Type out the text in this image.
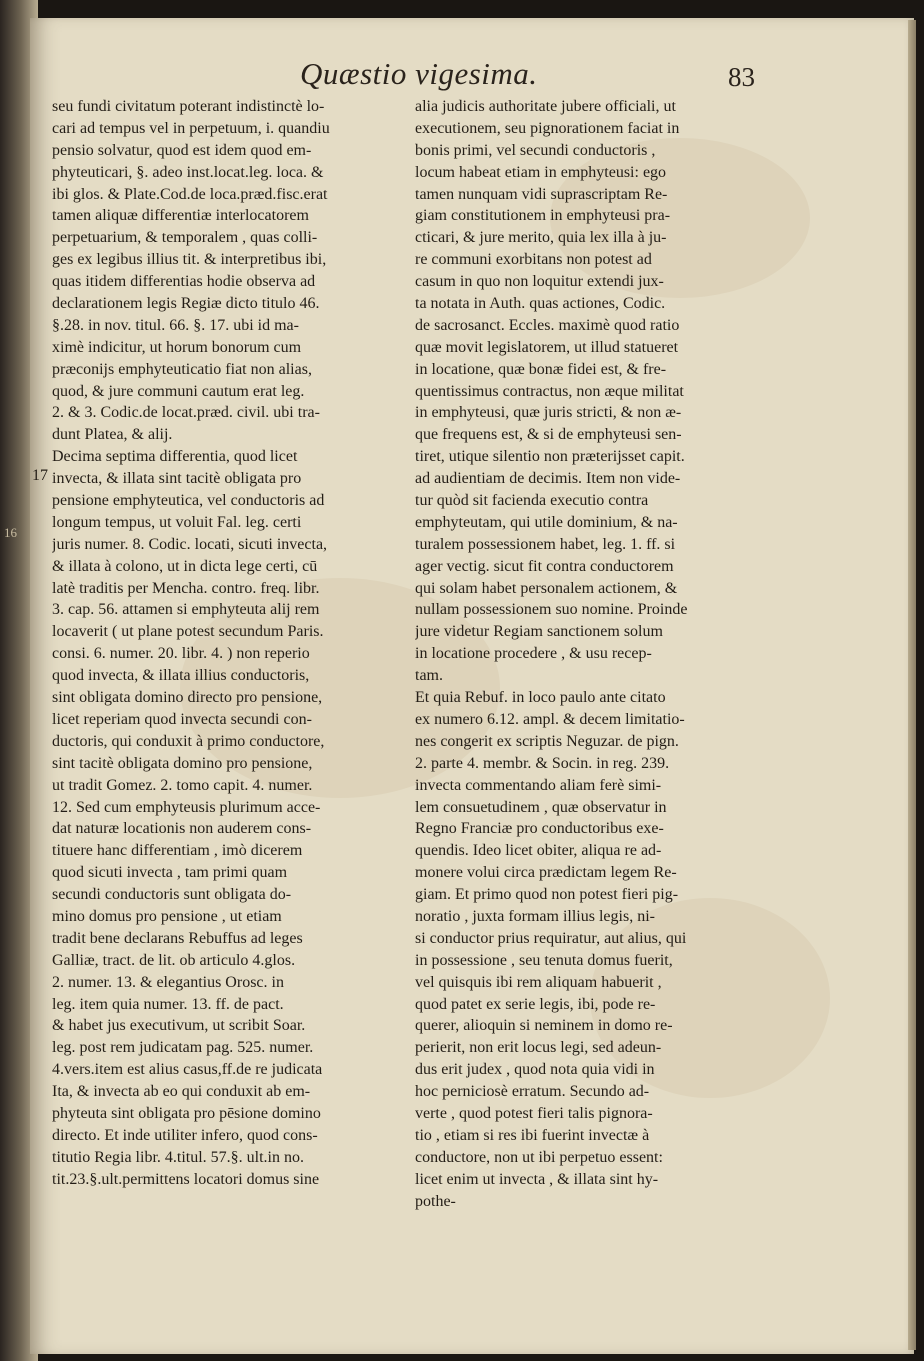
Quæstio vigesima.	83
17
16
seu fundi civitatum poterant indistinctè lo-
cari ad tempus vel in perpetuum, i. quandiu
pensio solvatur, quod est idem quod em-
phyteuticari, §. adeo inst.locat.leg. loca. &
ibi glos. & Plate.Cod.de loca.præd.fisc.erat
tamen aliquæ differentiæ interlocatorem
perpetuarium, & temporalem , quas colli-
ges ex legibus illius tit. & interpretibus ibi,
quas itidem differentias hodie observa ad
declarationem legis Regiæ dicto titulo 46.
§.28. in nov. titul. 66. §. 17. ubi id ma-
ximè indicitur, ut horum bonorum cum
præconijs emphyteuticatio fiat non alias,
quod, & jure communi cautum erat leg.
2. & 3. Codic.de locat.præd. civil. ubi tra-
dunt Platea, & alij.
Decima septima differentia, quod licet
invecta, & illata sint tacitè obligata pro
pensione emphyteutica, vel conductoris ad
longum tempus, ut voluit Fal. leg. certi
juris numer. 8. Codic. locati, sicuti invecta,
& illata à colono, ut in dicta lege certi, cū
latè traditis per Mencha. contro. freq. libr.
3. cap. 56. attamen si emphyteuta alij rem
locaverit ( ut plane potest secundum Paris.
consi. 6. numer. 20. libr. 4. ) non reperio
quod invecta, & illata illius conductoris,
sint obligata domino directo pro pensione,
licet reperiam quod invecta secundi con-
ductoris, qui conduxit à primo conductore,
sint tacitè obligata domino pro pensione,
ut tradit Gomez. 2. tomo capit. 4. numer.
12. Sed cum emphyteusis plurimum acce-
dat naturæ locationis non auderem cons-
tituere hanc differentiam , imò dicerem
quod sicuti invecta , tam primi quam
secundi conductoris sunt obligata do-
mino domus pro pensione , ut etiam
tradit bene declarans Rebuffus ad leges
Galliæ, tract. de lit. ob articulo 4.glos.
2. numer. 13. & elegantius Orosc. in
leg. item quia numer. 13. ff. de pact.
& habet jus executivum, ut scribit Soar.
leg. post rem judicatam pag. 525. numer.
4.vers.item est alius casus,ff.de re judicata
Ita, & invecta ab eo qui conduxit ab em-
phyteuta sint obligata pro pēsione domino
directo. Et inde utiliter infero, quod cons-
titutio Regia libr. 4.titul. 57.§. ult.in no.
tit.23.§.ult.permittens locatori domus sine
alia judicis authoritate jubere officiali, ut
executionem, seu pignorationem faciat in
bonis primi, vel secundi conductoris ,
locum habeat etiam in emphyteusi: ego
tamen nunquam vidi suprascriptam Re-
giam constitutionem in emphyteusi pra-
cticari, & jure merito, quia lex illa à ju-
re communi exorbitans non potest ad
casum in quo non loquitur extendi jux-
ta notata in Auth. quas actiones, Codic.
de sacrosanct. Eccles. maximè quod ratio
quæ movit legislatorem, ut illud statueret
in locatione, quæ bonæ fidei est, & fre-
quentissimus contractus, non æque militat
in emphyteusi, quæ juris stricti, & non æ-
que frequens est, & si de emphyteusi sen-
tiret, utique silentio non præterijsset capit.
ad audientiam de decimis. Item non vide-
tur quòd sit facienda executio contra
emphyteutam, qui utile dominium, & na-
turalem possessionem habet, leg. 1. ff. si
ager vectig. sicut fit contra conductorem
qui solam habet personalem actionem, &
nullam possessionem suo nomine. Proinde
jure videtur Regiam sanctionem solum
in locatione procedere , & usu recep-
tam.
Et quia Rebuf. in loco paulo ante citato
ex numero 6.12. ampl. & decem limitatio-
nes congerit ex scriptis Neguzar. de pign.
2. parte 4. membr. & Socin. in reg. 239.
invecta commentando aliam ferè simi-
lem consuetudinem , quæ observatur in
Regno Franciæ pro conductoribus exe-
quendis. Ideo licet obiter, aliqua re ad-
monere volui circa prædictam legem Re-
giam. Et primo quod non potest fieri pig-
noratio , juxta formam illius legis, ni-
si conductor prius requiratur, aut alius, qui
in possessione , seu tenuta domus fuerit,
vel quisquis ibi rem aliquam habuerit ,
quod patet ex serie legis, ibi, pode re-
querer, alioquin si neminem in domo re-
perierit, non erit locus legi, sed adeun-
dus erit judex , quod nota quia vidi in
hoc perniciosè erratum. Secundo ad-
verte , quod potest fieri talis pignora-
tio , etiam si res ibi fuerint invectæ à
conductore, non ut ibi perpetuo essent:
licet enim ut invecta , & illata sint hy-
pothe-
